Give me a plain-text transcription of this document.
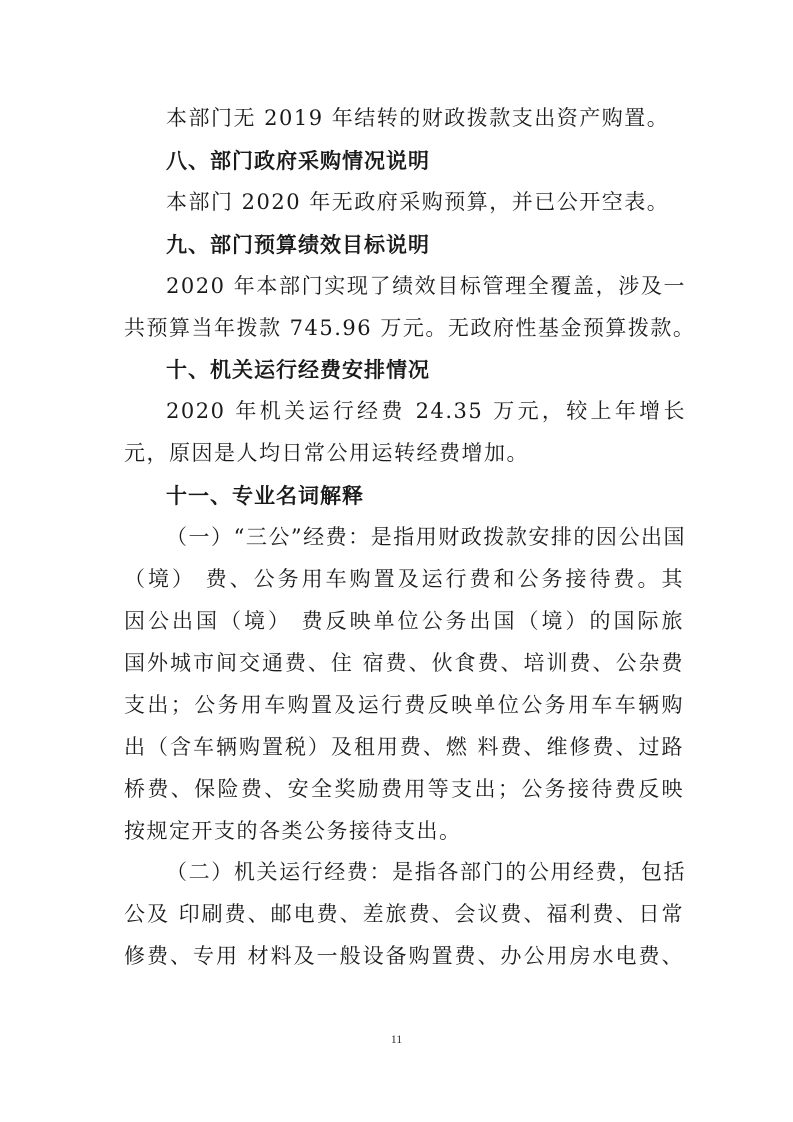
本部门无 2019 年结转的财政拨款支出资产购置。
八、部门政府采购情况说明
本部门 2020 年无政府采购预算，并已公开空表。
九、部门预算绩效目标说明
2020 年本部门实现了绩效目标管理全覆盖，涉及一
共预算当年拨款 745.96 万元。无政府性基金预算拨款。
十、机关运行经费安排情况
2020 年机关运行经费 24.35 万元，较上年增长
元，原因是人均日常公用运转经费增加。
十一、专业名词解释
（一）“三公”经费：是指用财政拨款安排的因公出国
（境） 费、公务用车购置及运行费和公务接待费。其
因公出国（境） 费反映单位公务出国（境）的国际旅
国外城市间交通费、住 宿费、伙食费、培训费、公杂费
支出；公务用车购置及运行费反映单位公务用车车辆购
出（含车辆购置税）及租用费、燃 料费、维修费、过路
桥费、保险费、安全奖励费用等支出；公务接待费反映
按规定开支的各类公务接待支出。
（二）机关运行经费：是指各部门的公用经费，包括
公及 印刷费、邮电费、差旅费、会议费、福利费、日常
修费、专用 材料及一般设备购置费、办公用房水电费、
11
